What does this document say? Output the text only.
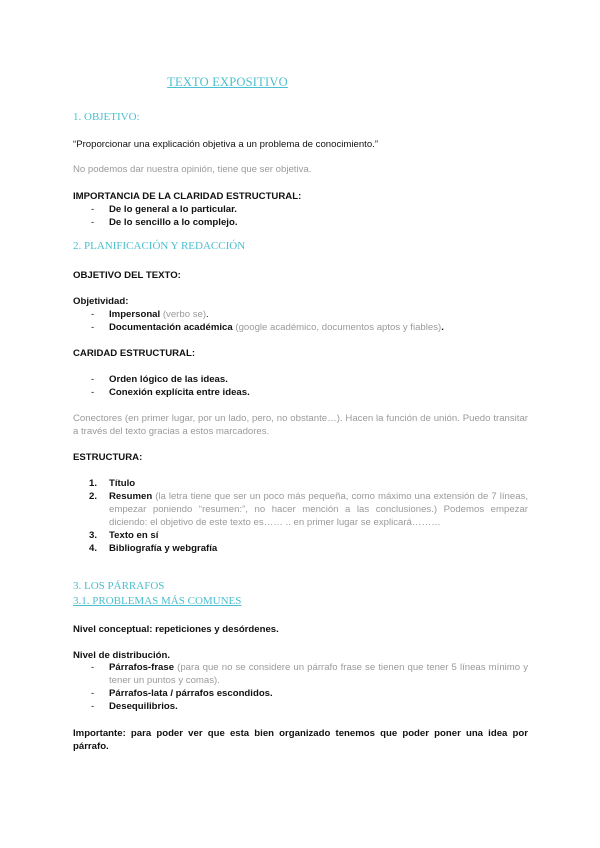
TEXTO EXPOSITIVO
1. OBJETIVO:
“Proporcionar una explicación objetiva a un problema de conocimiento.”
No podemos dar nuestra opinión, tiene que ser objetiva.
IMPORTANCIA DE LA CLARIDAD ESTRUCTURAL:
- De lo general a lo particular.
- De lo sencillo a lo complejo.
2. PLANIFICACIÓN Y REDACCIÓN
OBJETIVO DEL TEXTO:
Objetividad:
- Impersonal (verbo se).
- Documentación académica (google académico, documentos aptos y fiables).
CARIDAD ESTRUCTURAL:
- Orden lógico de las ideas.
- Conexión explícita entre ideas.
Conectores (en primer lugar, por un lado, pero, no obstante…). Hacen la función de unión. Puedo transitar a través del texto gracias a estos marcadores.
ESTRUCTURA:
1. Título
2. Resumen (la letra tiene que ser un poco más pequeña, como máximo una extensión de 7 líneas, empezar poniendo “resumen:”, no hacer mención a las conclusiones.) Podemos empezar diciendo: el objetivo de este texto es…… .. en primer lugar se explicará………
3. Texto en sí
4. Bibliografía y webgrafía
3. LOS PÁRRAFOS
3.1. PROBLEMAS MÁS COMUNES
Nivel conceptual: repeticiones y desórdenes.
Nivel de distribución.
- Párrafos-frase (para que no se considere un párrafo frase se tienen que tener 5 líneas mínimo y tener un puntos y comas).
- Párrafos-lata / párrafos escondidos.
- Desequilibrios.
Importante: para poder ver que esta bien organizado tenemos que poder poner una idea por párrafo.
